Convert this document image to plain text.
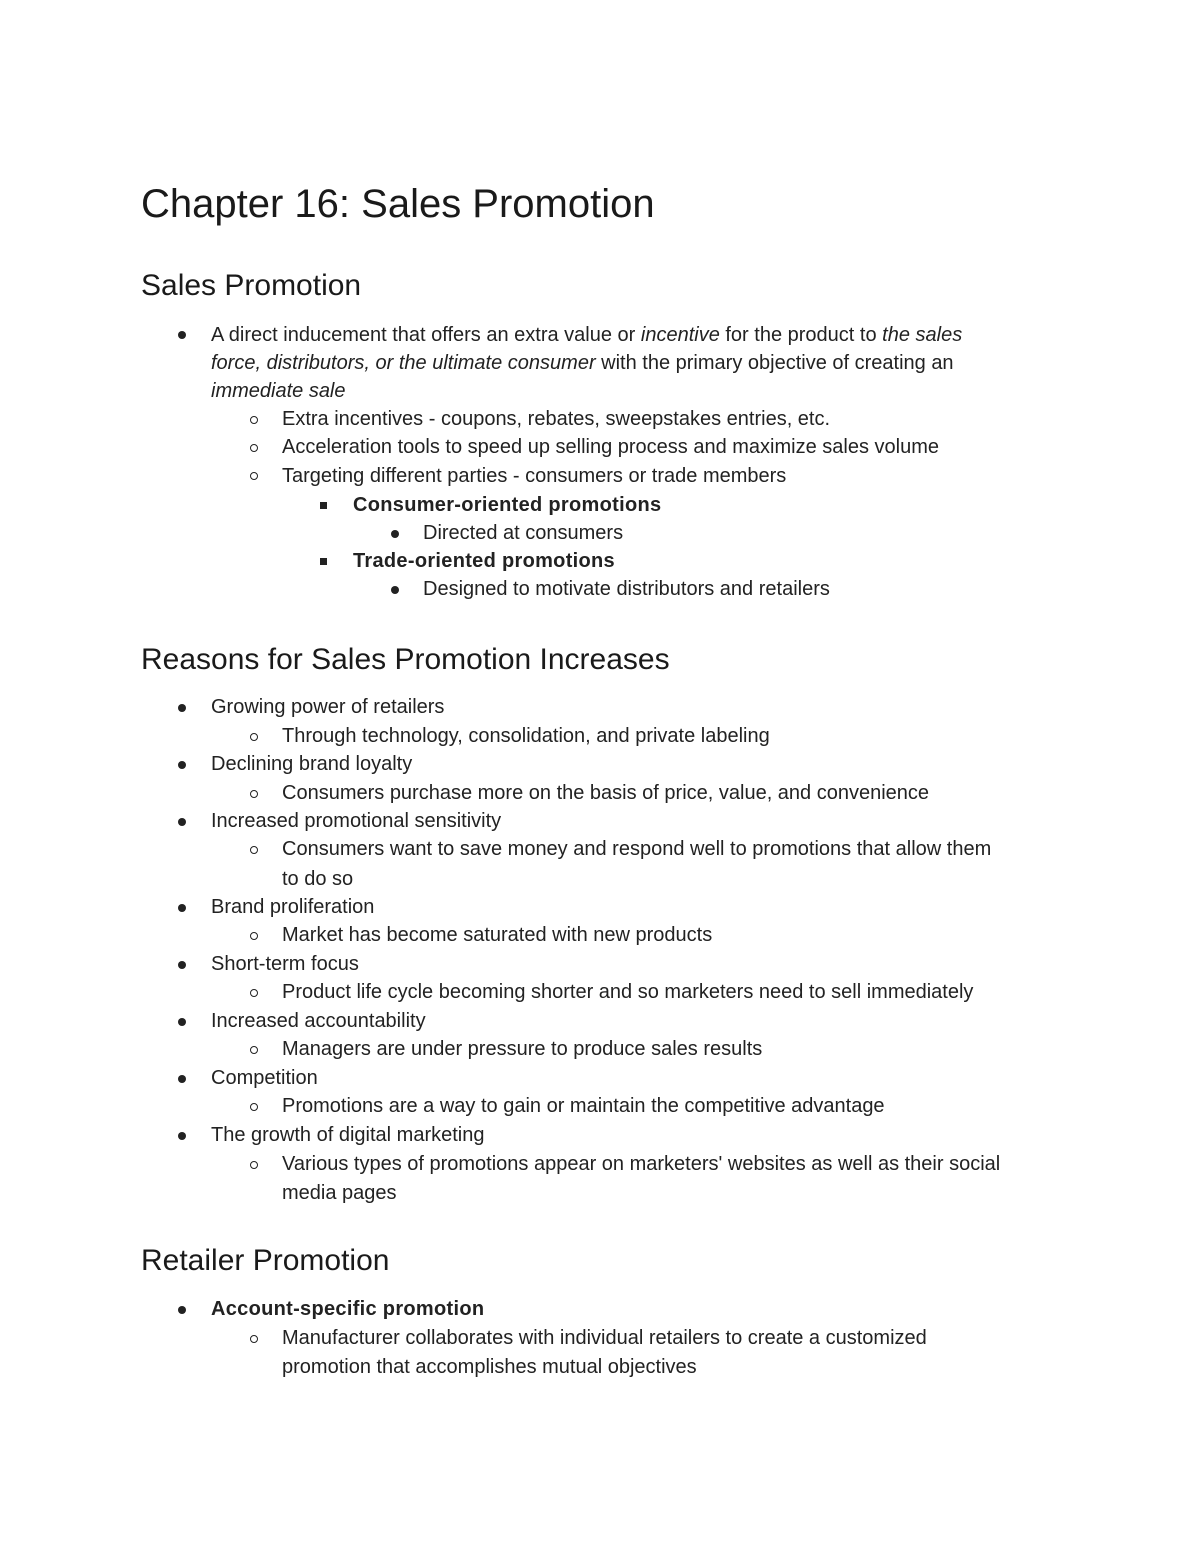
Chapter 16: Sales Promotion
Sales Promotion
A direct inducement that offers an extra value or incentive for the product to the sales
force, distributors, or the ultimate consumer with the primary objective of creating an
immediate sale
Extra incentives - coupons, rebates, sweepstakes entries, etc.
Acceleration tools to speed up selling process and maximize sales volume
Targeting different parties - consumers or trade members
Consumer-oriented promotions
Directed at consumers
Trade-oriented promotions
Designed to motivate distributors and retailers
Reasons for Sales Promotion Increases
Growing power of retailers
Through technology, consolidation, and private labeling
Declining brand loyalty
Consumers purchase more on the basis of price, value, and convenience
Increased promotional sensitivity
Consumers want to save money and respond well to promotions that allow them
to do so
Brand proliferation
Market has become saturated with new products
Short-term focus
Product life cycle becoming shorter and so marketers need to sell immediately
Increased accountability
Managers are under pressure to produce sales results
Competition
Promotions are a way to gain or maintain the competitive advantage
The growth of digital marketing
Various types of promotions appear on marketers' websites as well as their social
media pages
Retailer Promotion
Account-specific promotion
Manufacturer collaborates with individual retailers to create a customized
promotion that accomplishes mutual objectives
